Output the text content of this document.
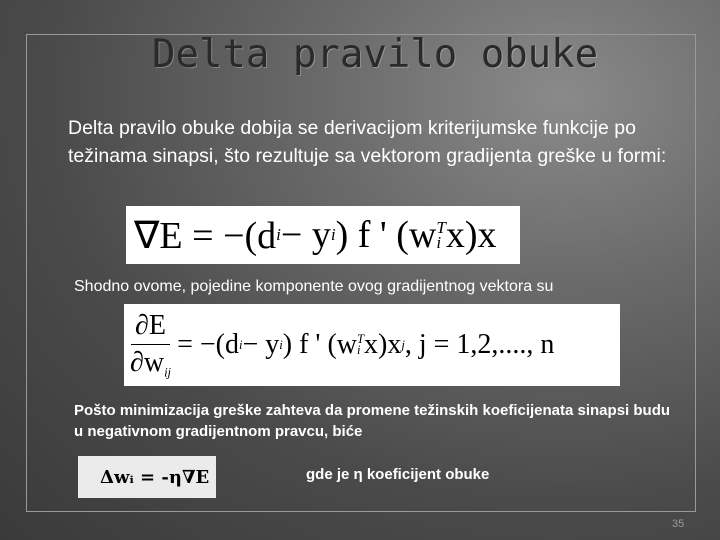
Delta pravilo obuke
Delta pravilo obuke dobija se derivacijom kriterijumske funkcije po težinama sinapsi, što rezultuje sa vektorom gradijenta greške u formi:
∇E = −(d i − y i ) f ' (w T
i x)x
Shodno ovome, pojedine komponente ovog gradijentnog vektora su
$\frac{\partial E}{\partial w_{ij}} = -(d$ i − y i ) f ' (w T
i x)x j , j = 1,2,...., n
Pošto minimizacija greške zahteva da promene težinskih koeficijenata sinapsi budu u negativnom gradijentnom pravcu, biće
Δwᵢ = -η∇E	gde je η koeficijent obuke
35
